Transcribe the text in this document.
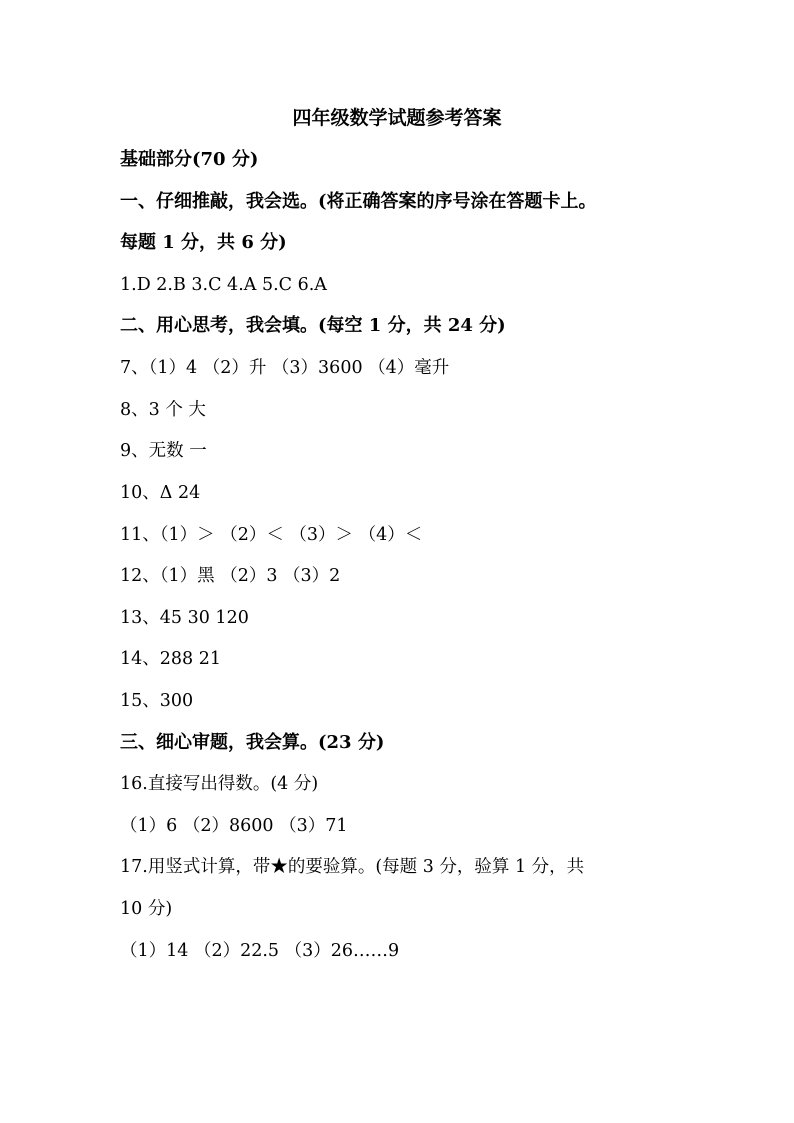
四年级数学试题参考答案
基础部分(70 分)
一、仔细推敲，我会选。(将正确答案的序号涂在答题卡上。
每题 1 分，共 6 分)
1.D 2.B 3.C 4.A 5.C 6.A
二、用心思考，我会填。(每空 1 分，共 24 分)
7、（1）4 （2）升 （3）3600 （4）毫升
8、3 个 大
9、无数 一
10、Δ 24
11、（1）＞ （2）＜ （3）＞ （4）＜
12、（1）黑 （2）3 （3）2
13、45 30 120
14、288 21
15、300
三、细心审题，我会算。(23 分)
16.直接写出得数。(4 分)
（1）6 （2）8600 （3）71
17.用竖式计算，带★的要验算。(每题 3 分，验算 1 分，共
10 分)
（1）14 （2）22.5 （3）26……9
